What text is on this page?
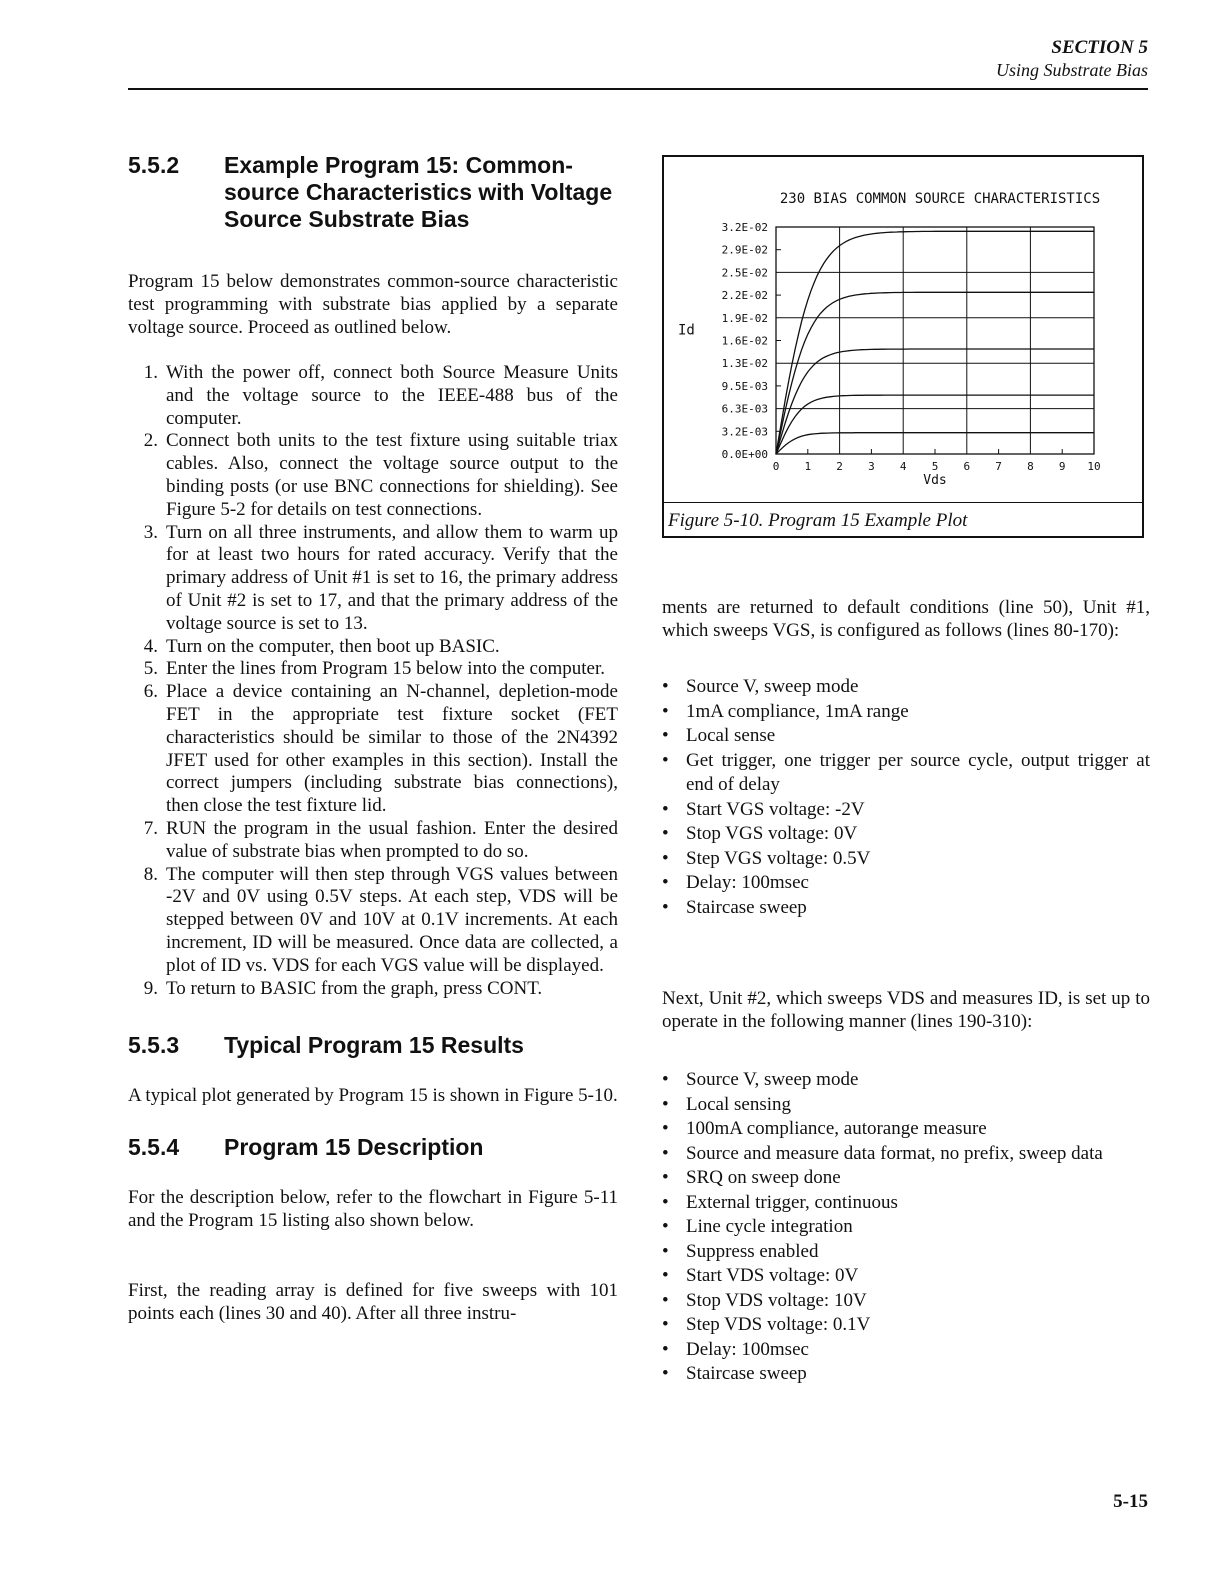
SECTION 5
Using Substrate Bias
5.5.2	Example Program 15: Common-source Characteristics with Voltage Source Substrate Bias

Program 15 below demonstrates common-source characteristic test programming with substrate bias applied by a separate voltage source. Proceed as outlined below.

1. With the power off, connect both Source Measure Units and the voltage source to the IEEE-488 bus of the computer.
2. Connect both units to the test fixture using suitable triax cables. Also, connect the voltage source output to the binding posts (or use BNC connections for shielding). See Figure 5-2 for details on test connections.
3. Turn on all three instruments, and allow them to warm up for at least two hours for rated accuracy. Verify that the primary address of Unit #1 is set to 16, the primary address of Unit #2 is set to 17, and that the primary address of the voltage source is set to 13.
4. Turn on the computer, then boot up BASIC.
5. Enter the lines from Program 15 below into the computer.
6. Place a device containing an N-channel, depletion-mode FET in the appropriate test fixture socket (FET characteristics should be similar to those of the 2N4392 JFET used for other examples in this section). Install the correct jumpers (including substrate bias connections), then close the test fixture lid.
7. RUN the program in the usual fashion. Enter the desired value of substrate bias when prompted to do so.
8. The computer will then step through VGS values between -2V and 0V using 0.5V steps. At each step, VDS will be stepped between 0V and 10V at 0.1V increments. At each increment, ID will be measured. Once data are collected, a plot of ID vs. VDS for each VGS value will be displayed.
9. To return to BASIC from the graph, press CONT.
5.5.3	Typical Program 15 Results

A typical plot generated by Program 15 is shown in Figure 5-10.

5.5.4	Program 15 Description

For the description below, refer to the flowchart in Figure 5-11 and the Program 15 listing also shown below.

First, the reading array is defined for five sweeps with 101 points each (lines 30 and 40). After all three instru-

230 BIAS COMMON SOURCE CHARACTERISTICS
3.2E-02
2.9E-02
2.5E-02
2.2E-02
1.9E-02
1.6E-02
1.3E-02
9.5E-03
6.3E-03
3.2E-03
0.0E+00
0 1 2 3 4 5 6 7 8 9 10
Vds
Id
Figure 5-10. Program 15 Example Plot

ments are returned to default conditions (line 50), Unit #1, which sweeps VGS, is configured as follows (lines 80-170):

• Source V, sweep mode
• 1mA compliance, 1mA range
• Local sense
• Get trigger, one trigger per source cycle, output trigger at end of delay
• Start VGS voltage: -2V
• Stop VGS voltage: 0V
• Step VGS voltage: 0.5V
• Delay: 100msec
• Staircase sweep

Next, Unit #2, which sweeps VDS and measures ID, is set up to operate in the following manner (lines 190-310):

• Source V, sweep mode
• Local sensing
• 100mA compliance, autorange measure
• Source and measure data format, no prefix, sweep data
• SRQ on sweep done
• External trigger, continuous
• Line cycle integration
• Suppress enabled
• Start VDS voltage: 0V
• Stop VDS voltage: 10V
• Step VDS voltage: 0.1V
• Delay: 100msec
• Staircase sweep
5-15
